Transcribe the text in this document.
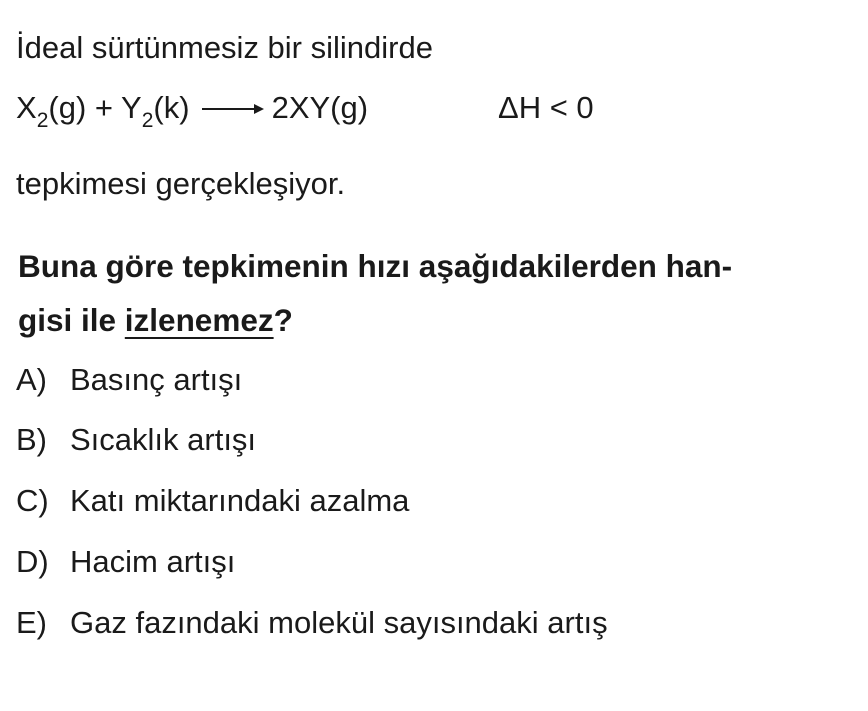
İdeal sürtünmesiz bir silindirde
$X_2(g) + Y_2(k) \to 2XY(g)$	ΔH < 0
tepkimesi gerçekleşiyor.
Buna göre tepkimenin hızı aşağıdakilerden han-
gisi ile izlenemez?
A) Basınç artışı
B) Sıcaklık artışı
C) Katı miktarındaki azalma
D) Hacim artışı
E) Gaz fazındaki molekül sayısındaki artış
